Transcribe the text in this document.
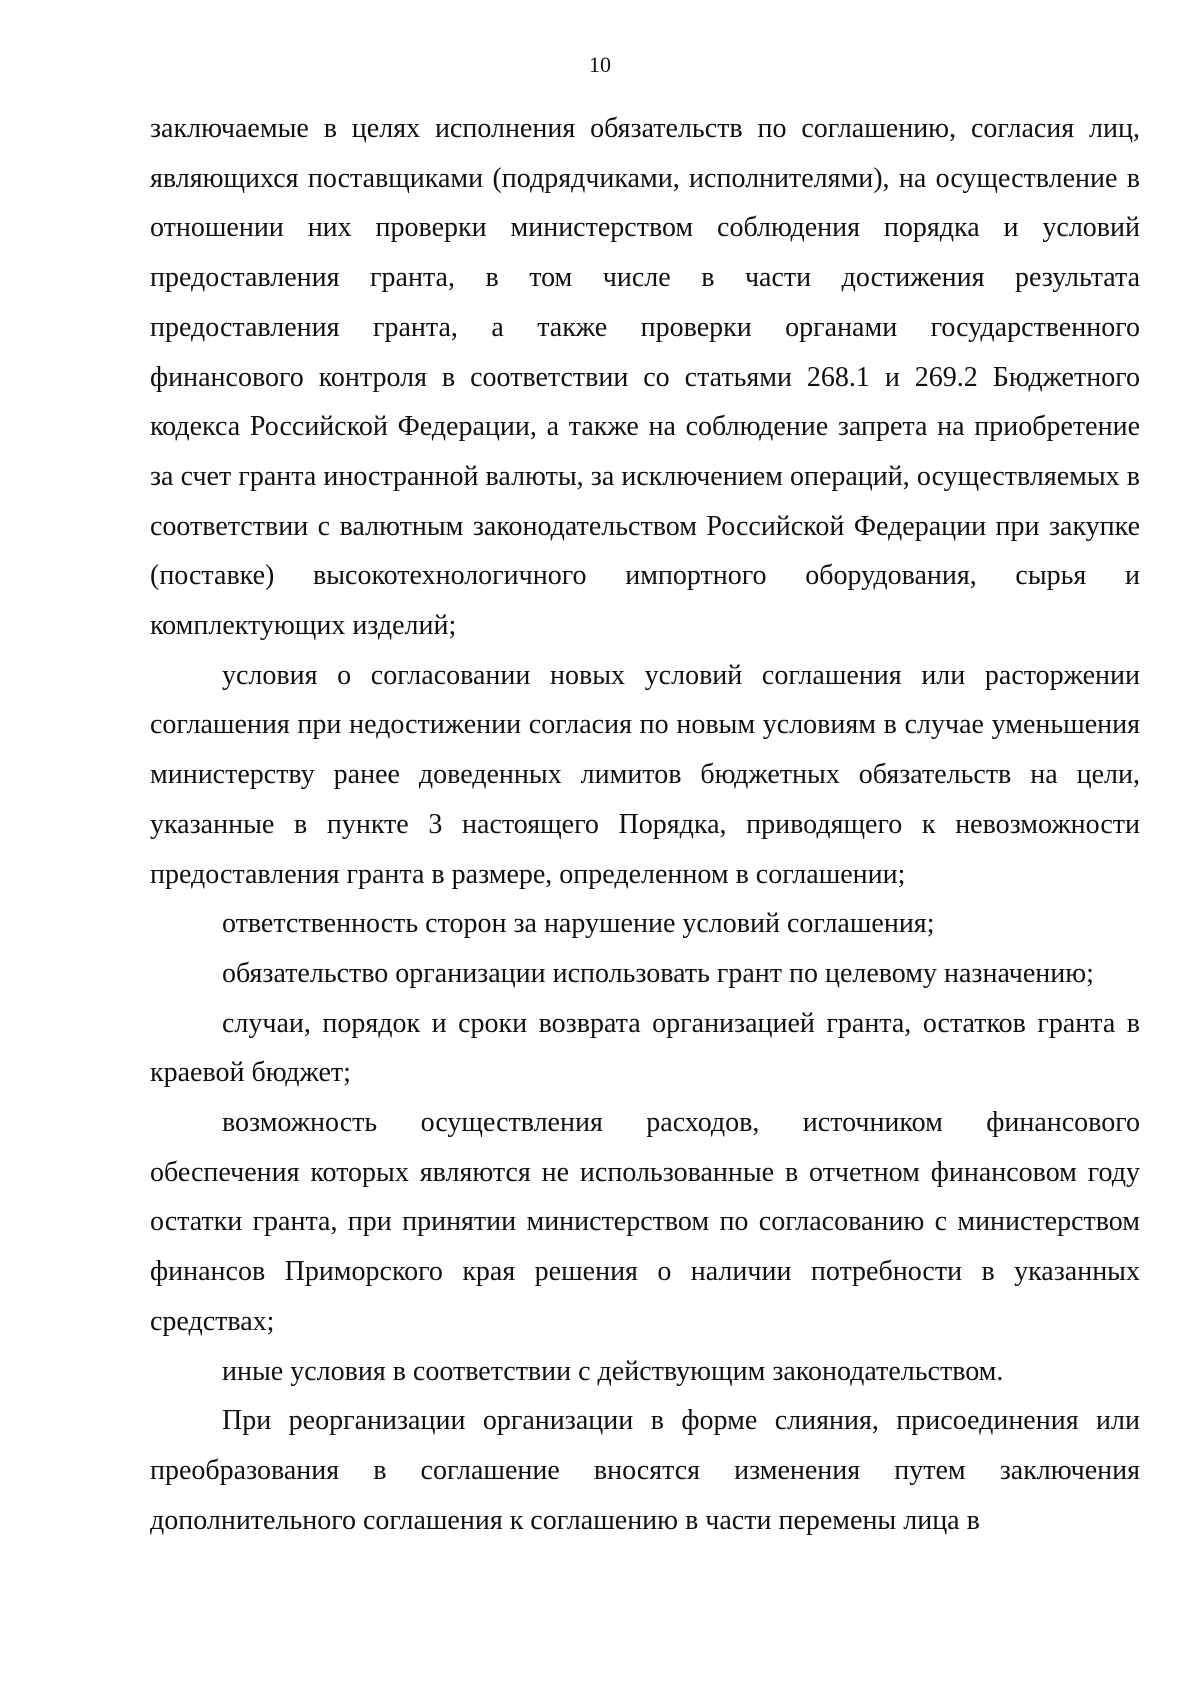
10

заключаемые в целях исполнения обязательств по соглашению, согласия лиц, являющихся поставщиками (подрядчиками, исполнителями), на осуществление в отношении них проверки министерством соблюдения порядка и условий предоставления гранта, в том числе в части достижения результата предоставления гранта, а также проверки органами государственного финансового контроля в соответствии со статьями 268.1 и 269.2 Бюджетного кодекса Российской Федерации, а также на соблюдение запрета на приобретение за счет гранта иностранной валюты, за исключением операций, осуществляемых в соответствии с валютным законодательством Российской Федерации при закупке (поставке) высокотехнологичного импортного оборудования, сырья и комплектующих изделий;

условия о согласовании новых условий соглашения или расторжении соглашения при недостижении согласия по новым условиям в случае уменьшения министерству ранее доведенных лимитов бюджетных обязательств на цели, указанные в пункте 3 настоящего Порядка, приводящего к невозможности предоставления гранта в размере, определенном в соглашении;

ответственность сторон за нарушение условий соглашения;

обязательство организации использовать грант по целевому назначению;

случаи, порядок и сроки возврата организацией гранта, остатков гранта в краевой бюджет;

возможность осуществления расходов, источником финансового обеспечения которых являются не использованные в отчетном финансовом году остатки гранта, при принятии министерством по согласованию с министерством финансов Приморского края решения о наличии потребности в указанных средствах;

иные условия в соответствии с действующим законодательством.

При реорганизации организации в форме слияния, присоединения или преобразования в соглашение вносятся изменения путем заключения дополнительного соглашения к соглашению в части перемены лица в
